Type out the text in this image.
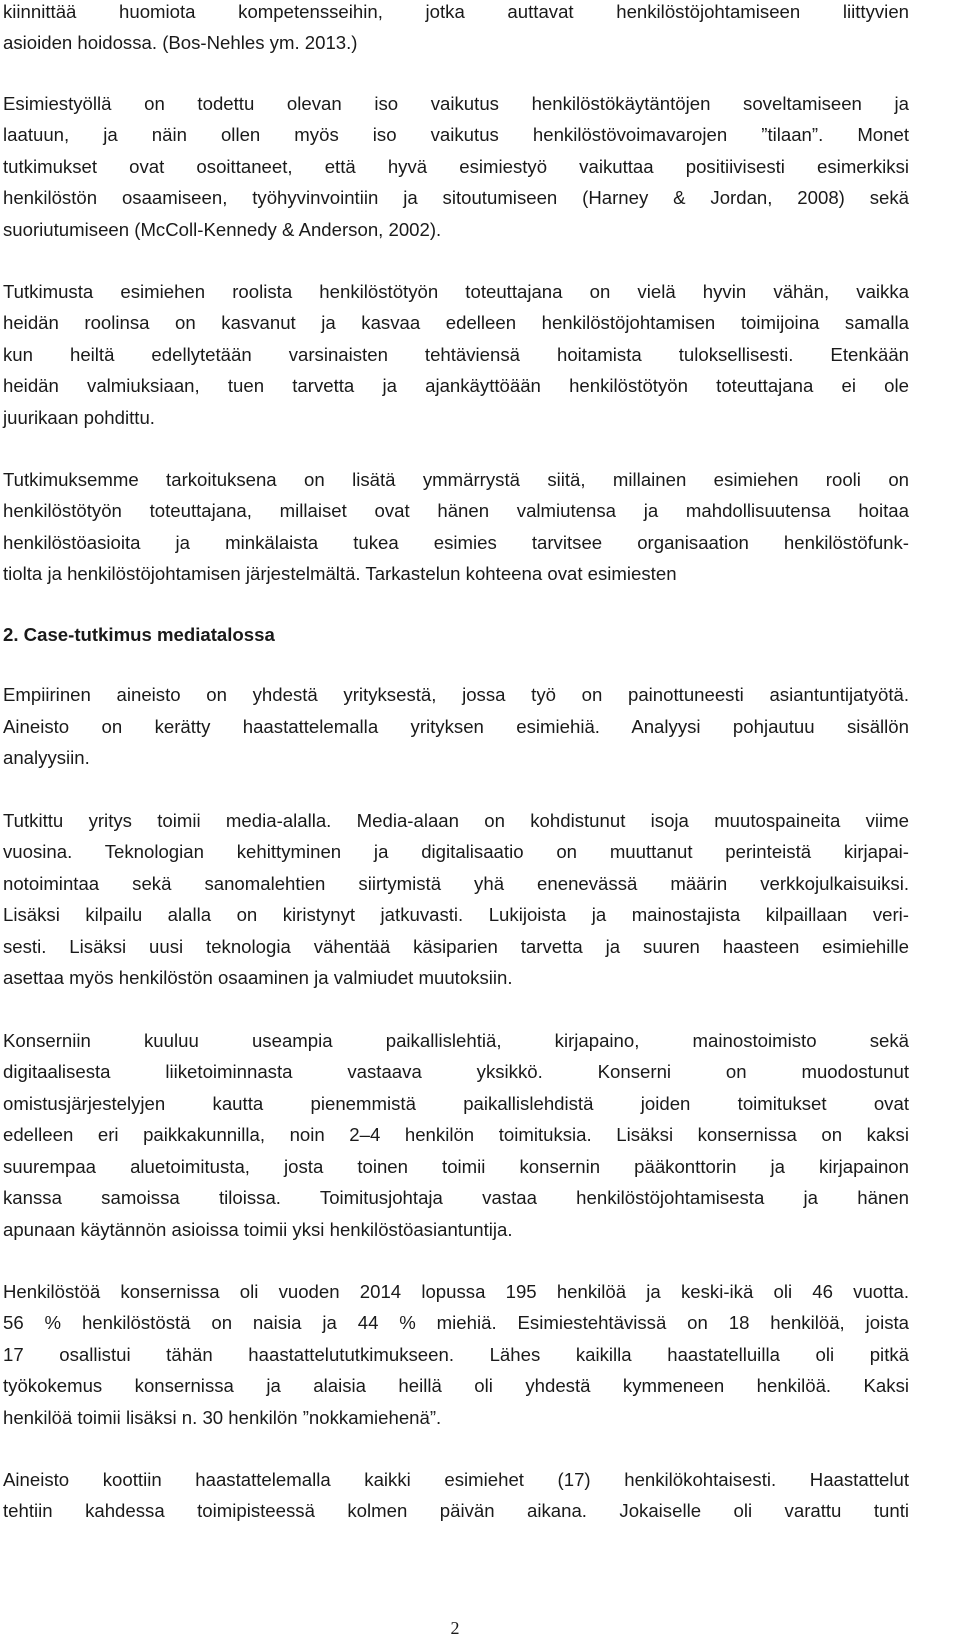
kiinnittää huomiota kompetensseihin, jotka auttavat henkilöstöjohtamiseen liittyvien
asioiden hoidossa. (Bos-Nehles ym. 2013.)
Esimiestyöllä on todettu olevan iso vaikutus henkilöstökäytäntöjen soveltamiseen ja
laatuun, ja näin ollen myös iso vaikutus henkilöstövoimavarojen ”tilaan”. Monet
tutkimukset ovat osoittaneet, että hyvä esimiestyö vaikuttaa positiivisesti esimerkiksi
henkilöstön osaamiseen, työhyvinvointiin ja sitoutumiseen (Harney & Jordan, 2008) sekä
suoriutumiseen (McColl-Kennedy & Anderson, 2002).
Tutkimusta esimiehen roolista henkilöstötyön toteuttajana on vielä hyvin vähän, vaikka
heidän roolinsa on kasvanut ja kasvaa edelleen henkilöstöjohtamisen toimijoina samalla
kun heiltä edellytetään varsinaisten tehtäviensä hoitamista tuloksellisesti. Etenkään
heidän valmiuksiaan, tuen tarvetta ja ajankäyttöään henkilöstötyön toteuttajana ei ole
juurikaan pohdittu.
Tutkimuksemme tarkoituksena on lisätä ymmärrystä siitä, millainen esimiehen rooli on
henkilöstötyön toteuttajana, millaiset ovat hänen valmiutensa ja mahdollisuutensa hoitaa
henkilöstöasioita ja minkälaista tukea esimies tarvitsee organisaation henkilöstöfunk-
tiolta ja henkilöstöjohtamisen järjestelmältä. Tarkastelun kohteena ovat esimiesten
2. Case-tutkimus mediatalossa
Empiirinen aineisto on yhdestä yrityksestä, jossa työ on painottuneesti asiantuntijatyötä.
Aineisto on kerätty haastattelemalla yrityksen esimiehiä. Analyysi pohjautuu sisällön
analyysiin.
Tutkittu yritys toimii media-alalla. Media-alaan on kohdistunut isoja muutospaineita viime
vuosina. Teknologian kehittyminen ja digitalisaatio on muuttanut perinteistä kirjapai-
notoimintaa sekä sanomalehtien siirtymistä yhä enenevässä määrin verkkojulkaisuiksi.
Lisäksi kilpailu alalla on kiristynyt jatkuvasti. Lukijoista ja mainostajista kilpaillaan veri-
sesti. Lisäksi uusi teknologia vähentää käsiparien tarvetta ja suuren haasteen esimiehille
asettaa myös henkilöstön osaaminen ja valmiudet muutoksiin.
Konserniin kuuluu useampia paikallislehtiä, kirjapaino, mainostoimisto sekä
digitaalisesta liiketoiminnasta vastaava yksikkö. Konserni on muodostunut
omistusjärjestelyjen kautta pienemmistä paikallislehdistä joiden toimitukset ovat
edelleen eri paikkakunnilla, noin 2–4 henkilön toimituksia. Lisäksi konsernissa on kaksi
suurempaa aluetoimitusta, josta toinen toimii konsernin pääkonttorin ja kirjapainon
kanssa samoissa tiloissa. Toimitusjohtaja vastaa henkilöstöjohtamisesta ja hänen
apunaan käytännön asioissa toimii yksi henkilöstöasiantuntija.
Henkilöstöä konsernissa oli vuoden 2014 lopussa 195 henkilöä ja keski-ikä oli 46 vuotta.
56 % henkilöstöstä on naisia ja 44 % miehiä. Esimiestehtävissä on 18 henkilöä, joista
17 osallistui tähän haastattelututkimukseen. Lähes kaikilla haastatelluilla oli pitkä
työkokemus konsernissa ja alaisia heillä oli yhdestä kymmeneen henkilöä. Kaksi
henkilöä toimii lisäksi n. 30 henkilön ”nokkamiehenä”.
Aineisto koottiin haastattelemalla kaikki esimiehet (17) henkilökohtaisesti. Haastattelut
tehtiin kahdessa toimipisteessä kolmen päivän aikana. Jokaiselle oli varattu tunti
2
